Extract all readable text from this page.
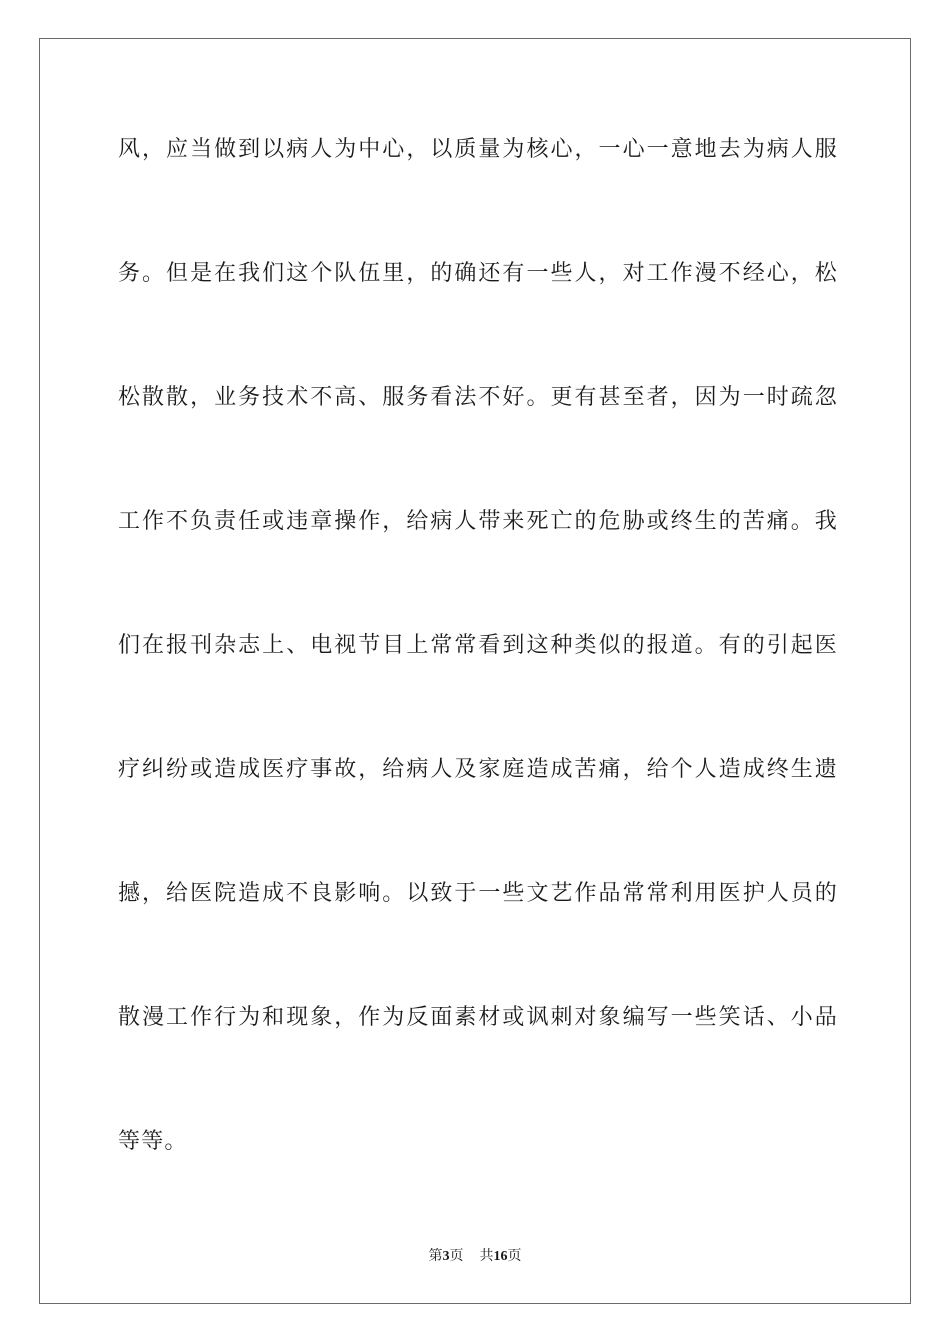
风，应当做到以病人为中心，以质量为核心，一心一意地去为病人服
务。但是在我们这个队伍里，的确还有一些人，对工作漫不经心，松
松散散，业务技术不高、服务看法不好。更有甚至者，因为一时疏忽
工作不负责任或违章操作，给病人带来死亡的危胁或终生的苦痛。我
们在报刊杂志上、电视节目上常常看到这种类似的报道。有的引起医
疗纠纷或造成医疗事故，给病人及家庭造成苦痛，给个人造成终生遗
撼，给医院造成不良影响。以致于一些文艺作品常常利用医护人员的
散漫工作行为和现象，作为反面素材或讽刺对象编写一些笑话、小品
等等。
第3页 共16页
